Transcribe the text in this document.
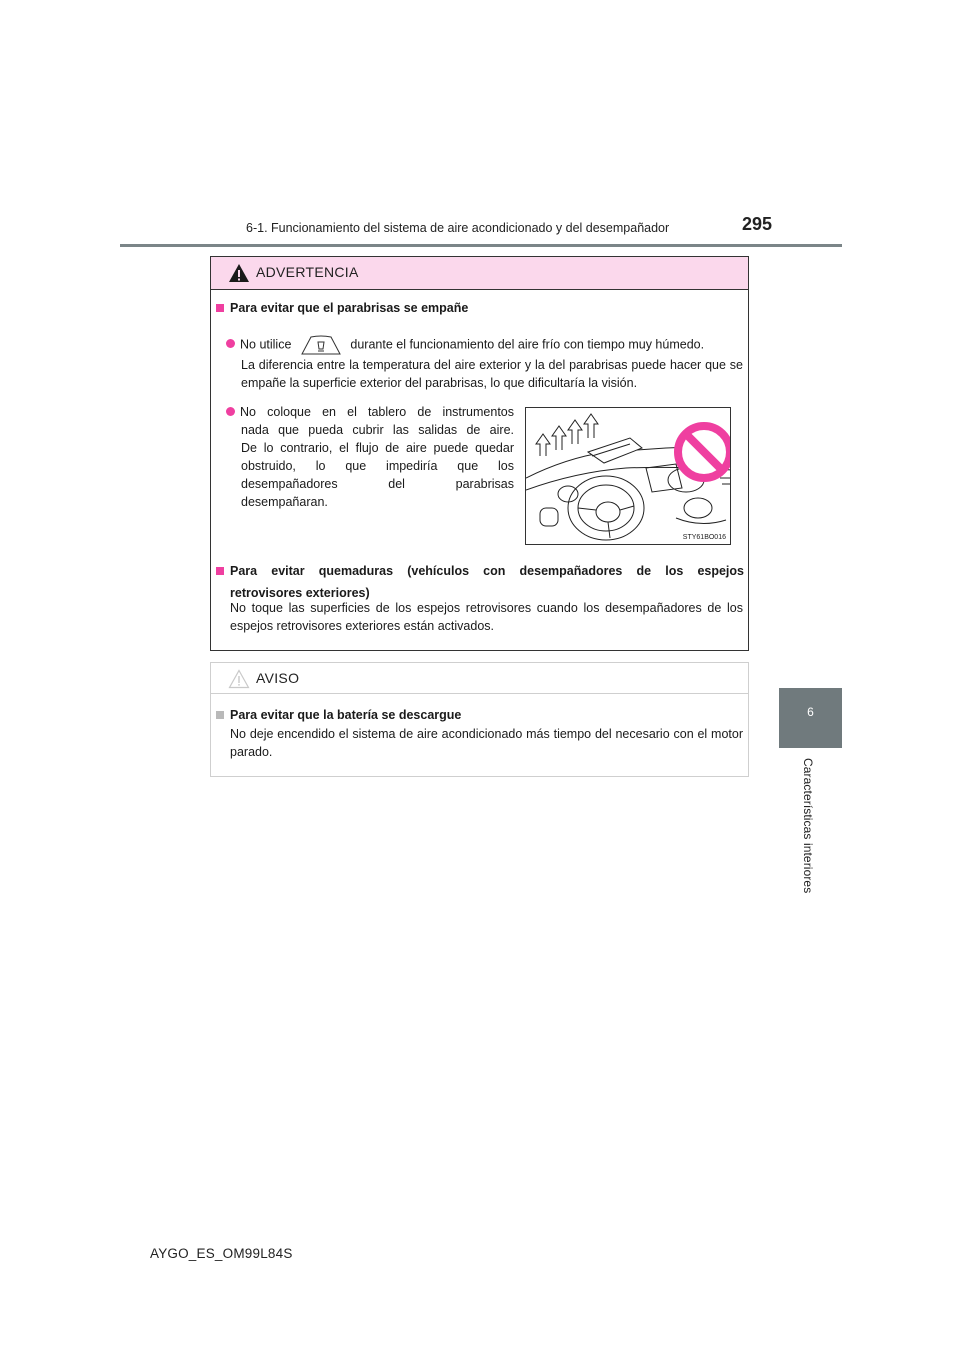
6-1. Funcionamiento del sistema de aire acondicionado y del desempañador	295
6
Características interiores
ADVERTENCIA
Para evitar que el parabrisas se empañe
No utilice	durante el funcionamiento del aire frío con tiempo muy húmedo.
La diferencia entre la temperatura del aire exterior y la del parabrisas puede hacer que se empañe la superficie exterior del parabrisas, lo que dificultaría la visión.
No coloque en el tablero de instrumentos
nada que pueda cubrir las salidas de aire.
De lo contrario, el flujo de aire puede quedar
obstruido, lo que impediría que los
desempañadores del parabrisas
desempañaran.
STY61BO016
Para evitar quemaduras (vehículos con desempañadores de los espejos
retrovisores exteriores)
No toque las superficies de los espejos retrovisores cuando los desempañadores de los espejos retrovisores exteriores están activados.
AVISO
Para evitar que la batería se descargue
No deje encendido el sistema de aire acondicionado más tiempo del necesario con el motor parado.
AYGO_ES_OM99L84S
